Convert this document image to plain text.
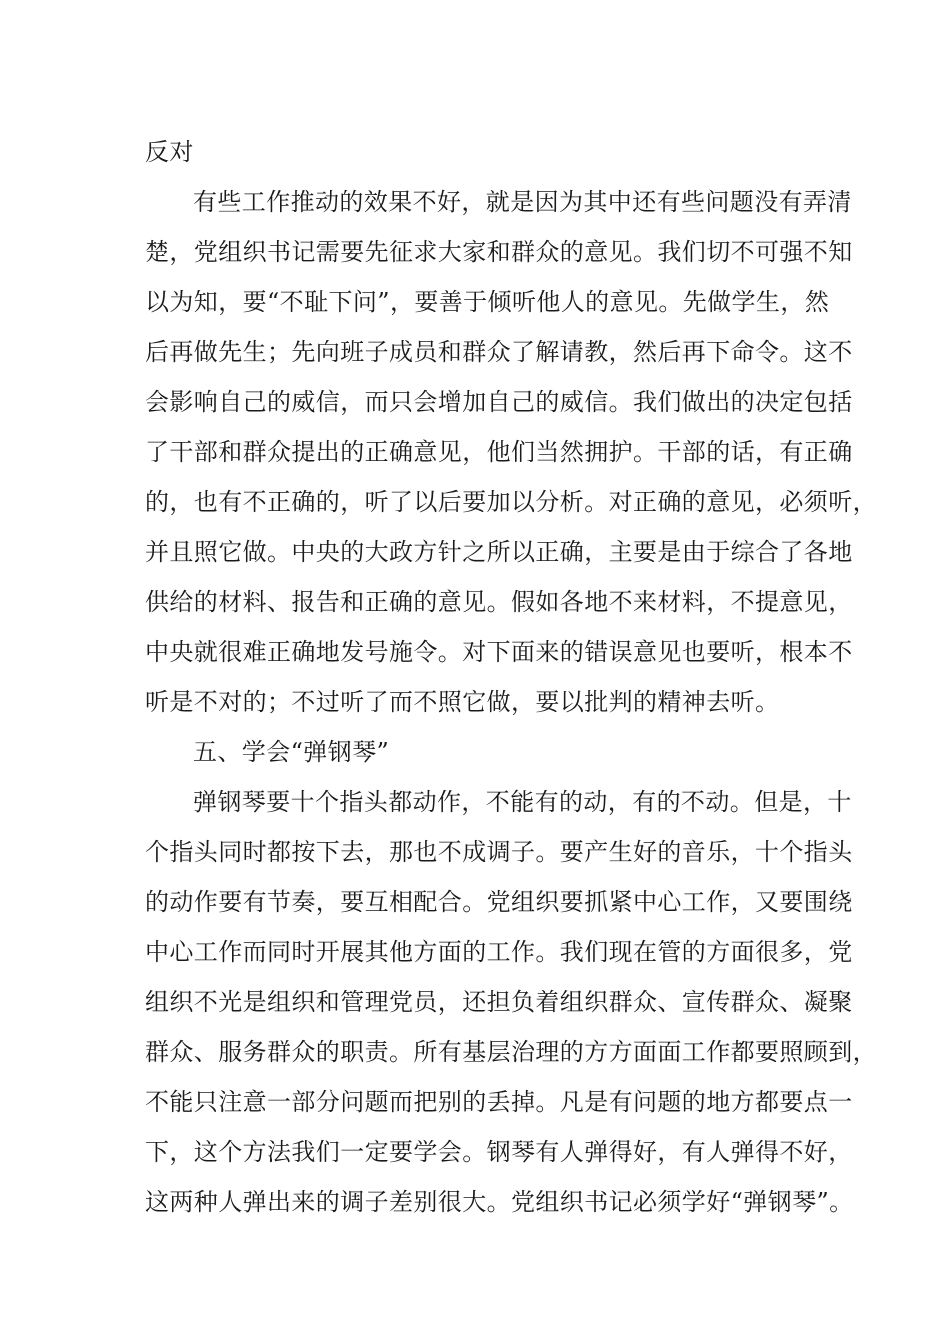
反对
有些工作推动的效果不好，就是因为其中还有些问题没有弄清
楚，党组织书记需要先征求大家和群众的意见。我们切不可强不知
以为知，要“不耻下问”，要善于倾听他人的意见。先做学生，然
后再做先生；先向班子成员和群众了解请教，然后再下命令。这不
会影响自己的威信，而只会增加自己的威信。我们做出的决定包括
了干部和群众提出的正确意见，他们当然拥护。干部的话，有正确
的，也有不正确的，听了以后要加以分析。对正确的意见，必须听，
并且照它做。中央的大政方针之所以正确，主要是由于综合了各地
供给的材料、报告和正确的意见。假如各地不来材料，不提意见，
中央就很难正确地发号施令。对下面来的错误意见也要听，根本不
听是不对的；不过听了而不照它做，要以批判的精神去听。
五、学会“弹钢琴”
弹钢琴要十个指头都动作，不能有的动，有的不动。但是，十
个指头同时都按下去，那也不成调子。要产生好的音乐，十个指头
的动作要有节奏，要互相配合。党组织要抓紧中心工作，又要围绕
中心工作而同时开展其他方面的工作。我们现在管的方面很多，党
组织不光是组织和管理党员，还担负着组织群众、宣传群众、凝聚
群众、服务群众的职责。所有基层治理的方方面面工作都要照顾到，
不能只注意一部分问题而把别的丢掉。凡是有问题的地方都要点一
下，这个方法我们一定要学会。钢琴有人弹得好，有人弹得不好，
这两种人弹出来的调子差别很大。党组织书记必须学好“弹钢琴”。
